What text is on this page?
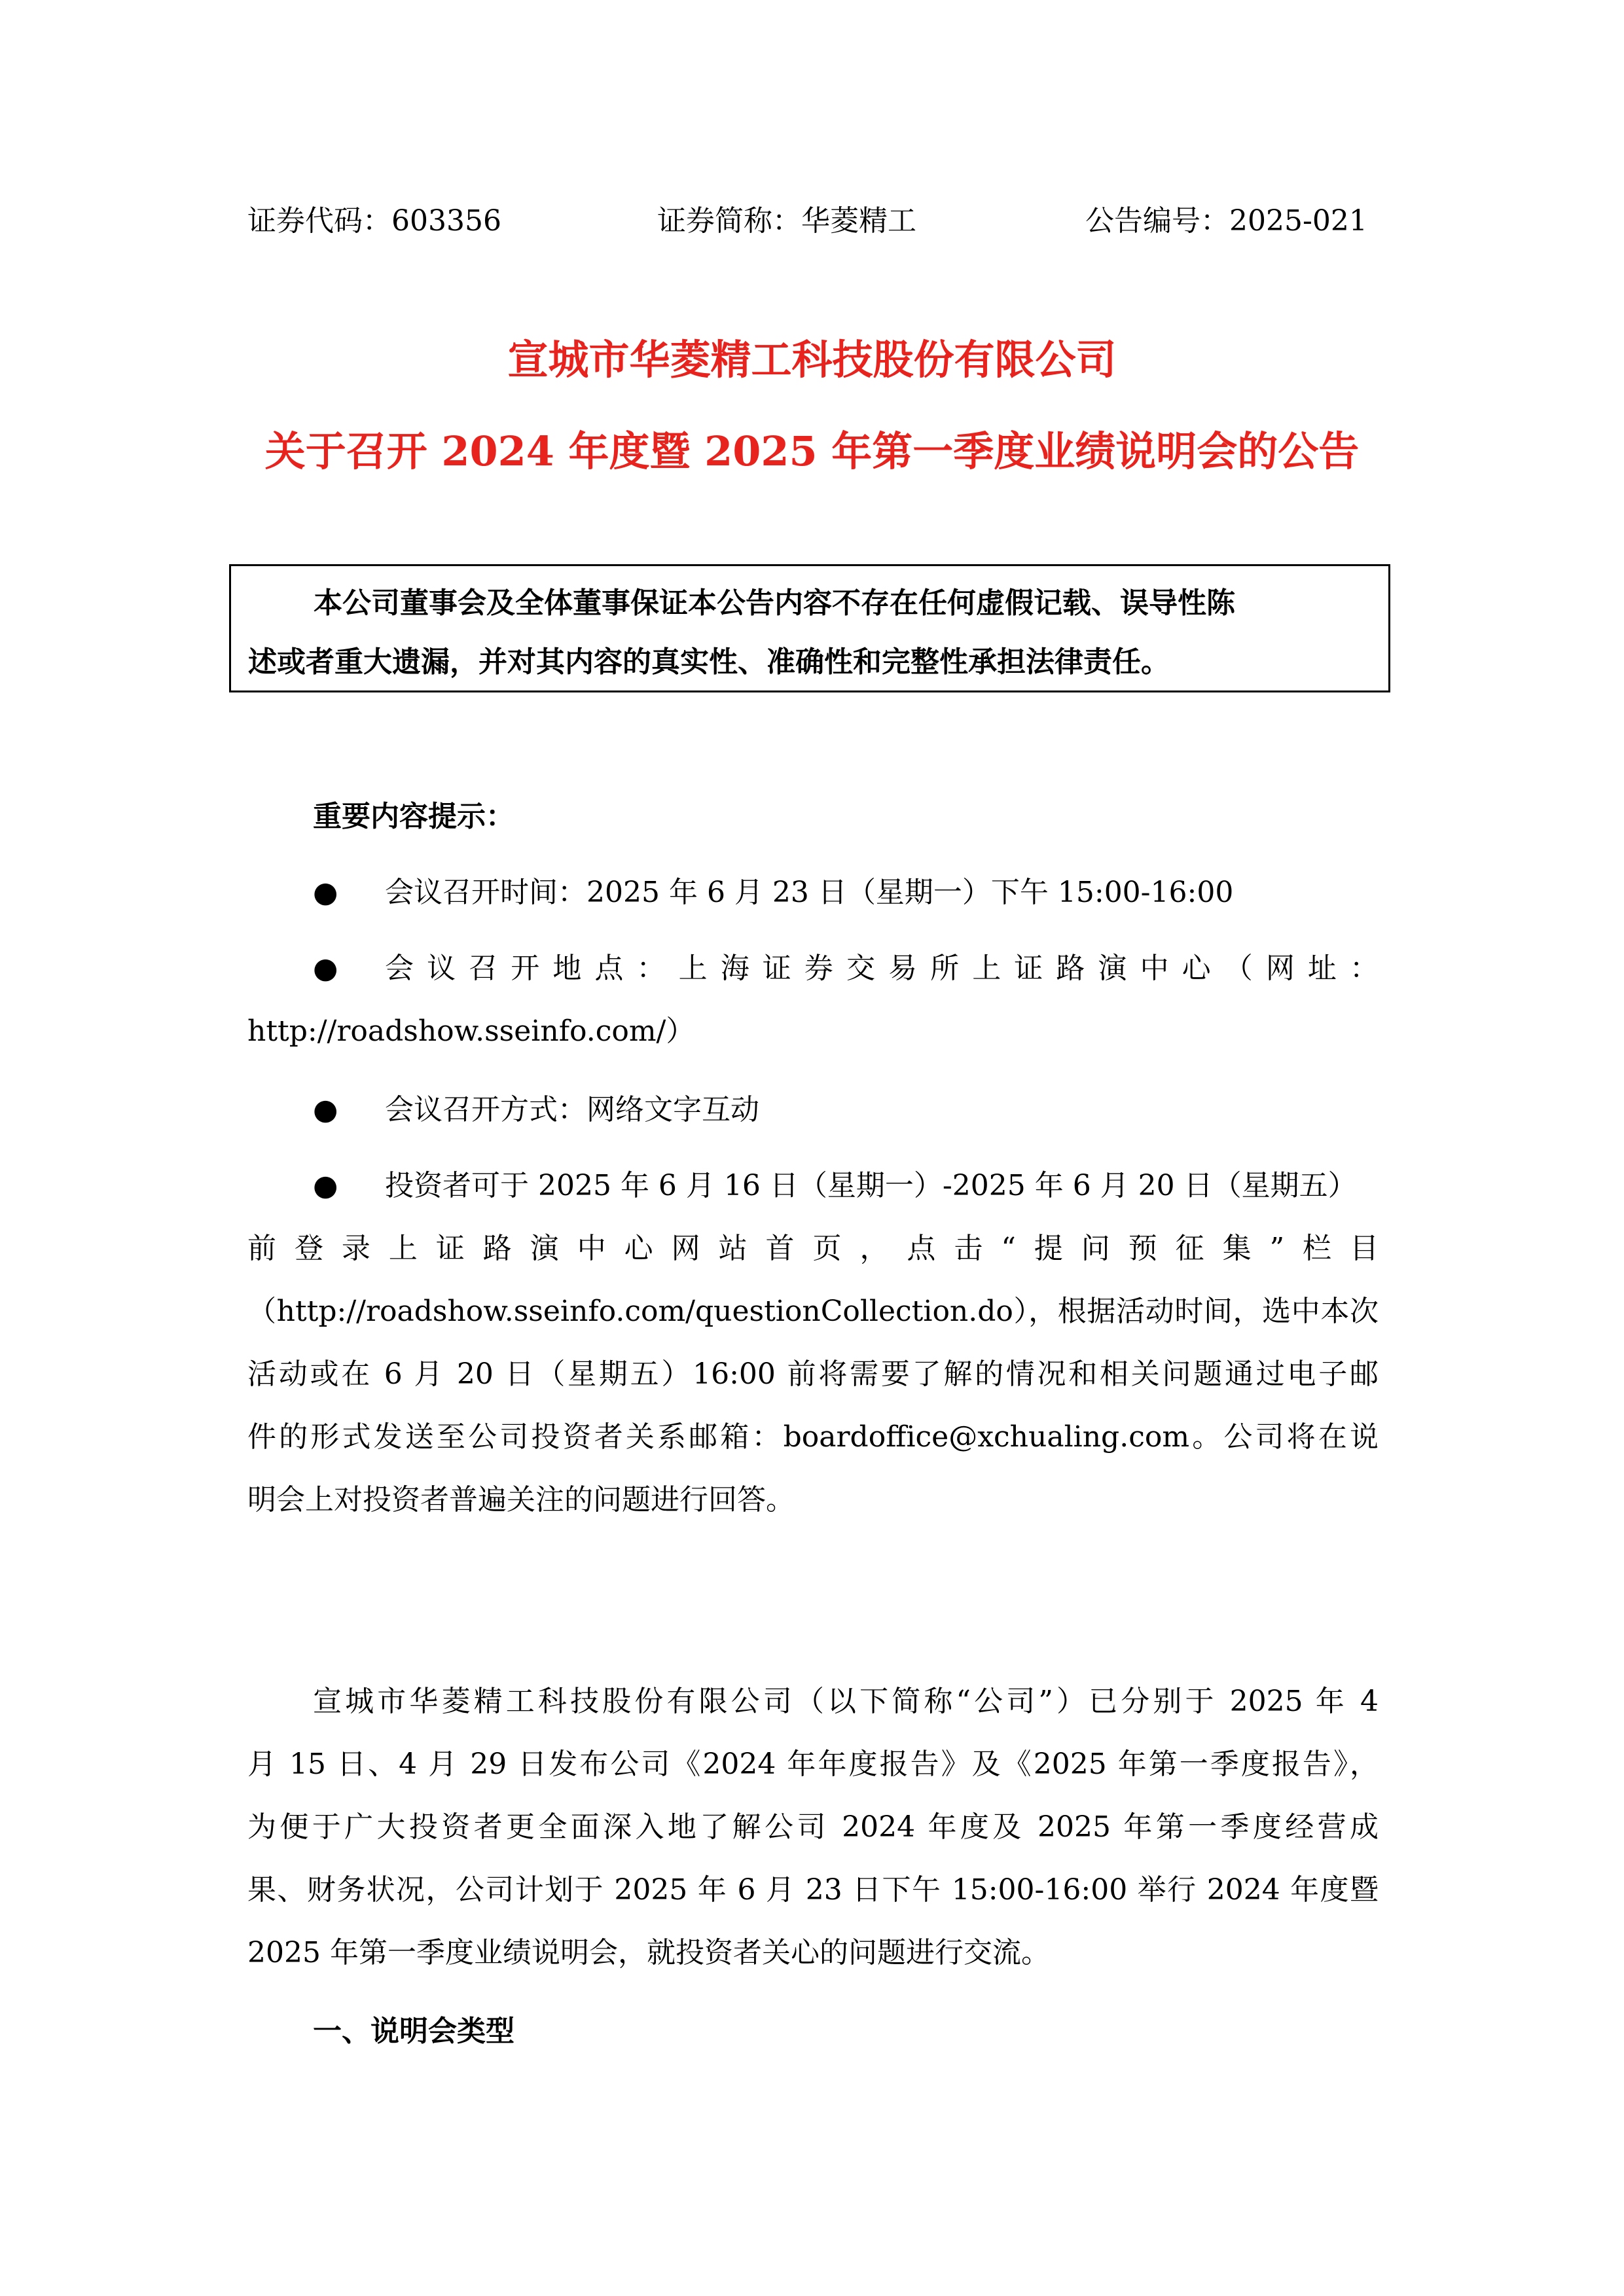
证券代码：603356	证券简称：华菱精工	公告编号：2025-021
宣城市华菱精工科技股份有限公司
关于召开 2024 年度暨 2025 年第一季度业绩说明会的公告

本公司董事会及全体董事保证本公告内容不存在任何虚假记载、误导性陈
述或者重大遗漏，并对其内容的真实性、准确性和完整性承担法律责任。

重要内容提示：
●	会议召开时间：2025 年 6 月 23 日（星期一）下午 15:00-16:00
●	会议召开地点：上海证券交易所上证路演中心（网址：
http://roadshow.sseinfo.com/）
●	会议召开方式：网络文字互动
●	投资者可于 2025 年 6 月 16 日（星期一）-2025 年 6 月 20 日（星期五）
前登录上证路演中心网站首页，点击“提问预征集”栏目
（http://roadshow.sseinfo.com/questionCollection.do），根据活动时间，选中本次
活动或在 6 月 20 日（星期五）16:00 前将需要了解的情况和相关问题通过电子邮
件的形式发送至公司投资者关系邮箱：boardoffice@xchualing.com。公司将在说
明会上对投资者普遍关注的问题进行回答。
宣城市华菱精工科技股份有限公司（以下简称“公司”）已分别于 2025 年 4
月 15 日、4 月 29 日发布公司《2024 年年度报告》及《2025 年第一季度报告》，
为便于广大投资者更全面深入地了解公司 2024 年度及 2025 年第一季度经营成
果、财务状况，公司计划于 2025 年 6 月 23 日下午 15:00-16:00 举行 2024 年度暨
2025 年第一季度业绩说明会，就投资者关心的问题进行交流。
一、说明会类型
